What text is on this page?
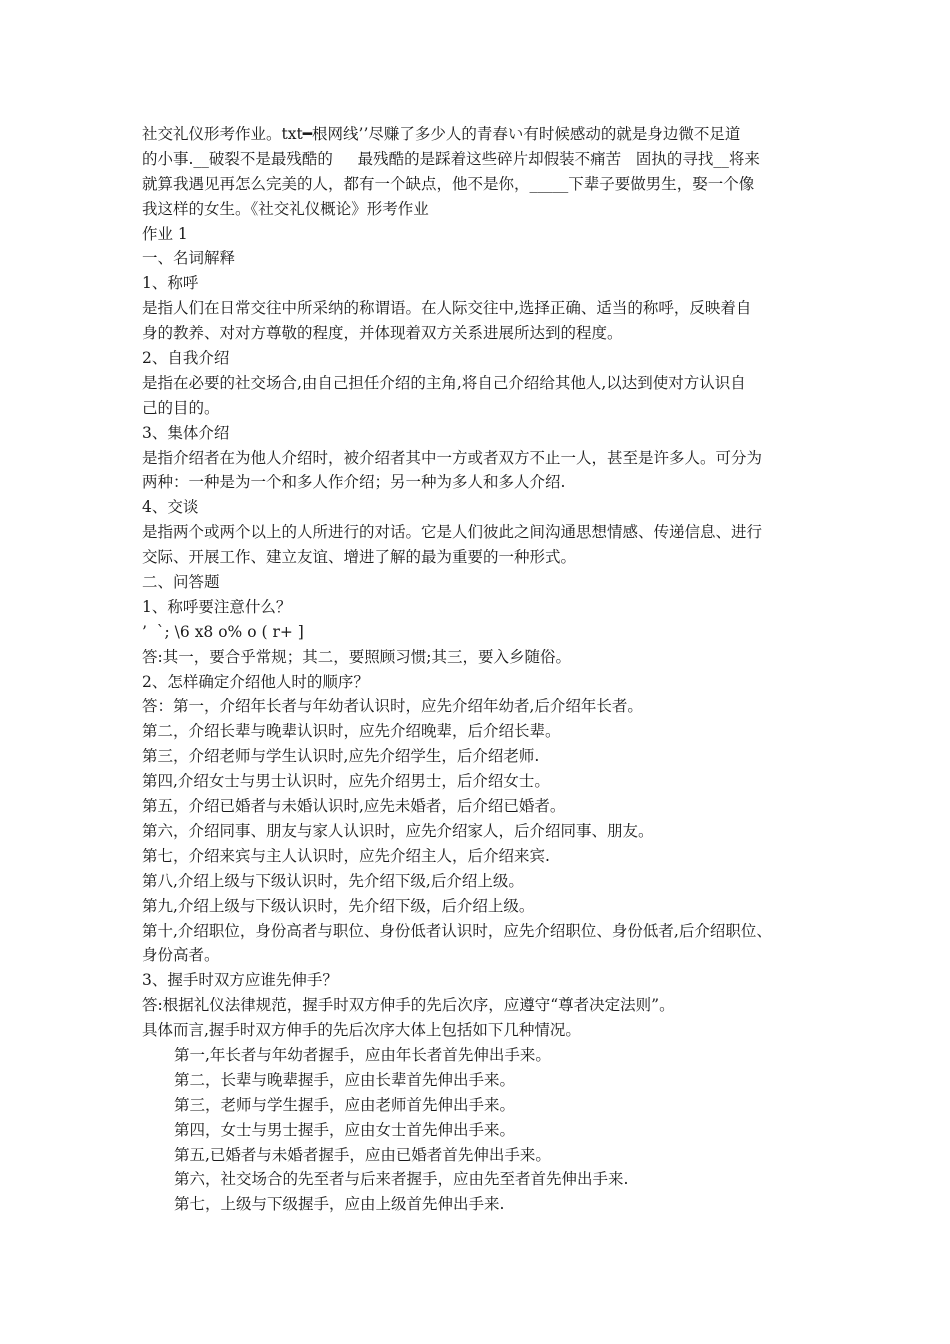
社交礼仪形考作业。txt━根网线’’尽赚了多少人的青春い有时候感动的就是身边微不足道
的小事.__破裂不是最残酷的     最残酷的是踩着这些碎片却假装不痛苦   固执的寻找__将来
就算我遇见再怎么完美的人，都有一个缺点，他不是你，_____下辈子要做男生，娶一个像
我这样的女生。《社交礼仪概论》形考作业
作业 1
一、名词解释
1、称呼
是指人们在日常交往中所采纳的称谓语。在人际交往中,选择正确、适当的称呼，反映着自
身的教养、对对方尊敬的程度，并体现着双方关系进展所达到的程度。
2、自我介绍
是指在必要的社交场合,由自己担任介绍的主角,将自己介绍给其他人,以达到使对方认识自
己的目的。
3、集体介绍
是指介绍者在为他人介绍时，被介绍者其中一方或者双方不止一人，甚至是许多人。可分为
两种：一种是为一个和多人作介绍；另一种为多人和多人介绍.
4、交谈
是指两个或两个以上的人所进行的对话。它是人们彼此之间沟通思想情感、传递信息、进行
交际、开展工作、建立友谊、增进了解的最为重要的一种形式。
二、问答题
1、称呼要注意什么？
’  `; \6 x8 o% o ( r+ ]
答:其一，要合乎常规；其二，要照顾习惯;其三，要入乡随俗。
2、怎样确定介绍他人时的顺序？
答：第一，介绍年长者与年幼者认识时，应先介绍年幼者,后介绍年长者。
第二，介绍长辈与晚辈认识时，应先介绍晚辈，后介绍长辈。
第三，介绍老师与学生认识时,应先介绍学生，后介绍老师.
第四,介绍女士与男士认识时，应先介绍男士，后介绍女士。
第五，介绍已婚者与未婚认识时,应先未婚者，后介绍已婚者。
第六，介绍同事、朋友与家人认识时，应先介绍家人，后介绍同事、朋友。
第七，介绍来宾与主人认识时，应先介绍主人，后介绍来宾.
第八,介绍上级与下级认识时，先介绍下级,后介绍上级。
第九,介绍上级与下级认识时，先介绍下级，后介绍上级。
第十,介绍职位，身份高者与职位、身份低者认识时，应先介绍职位、身份低者,后介绍职位、
身份高者。
3、握手时双方应谁先伸手？
答:根据礼仪法律规范，握手时双方伸手的先后次序，应遵守“尊者决定法则”。
具体而言,握手时双方伸手的先后次序大体上包括如下几种情况。
第一,年长者与年幼者握手，应由年长者首先伸出手来。
第二，长辈与晚辈握手，应由长辈首先伸出手来。
第三，老师与学生握手，应由老师首先伸出手来。
第四，女士与男士握手，应由女士首先伸出手来。
第五,已婚者与未婚者握手，应由已婚者首先伸出手来。
第六，社交场合的先至者与后来者握手，应由先至者首先伸出手来.
第七，上级与下级握手，应由上级首先伸出手来.
